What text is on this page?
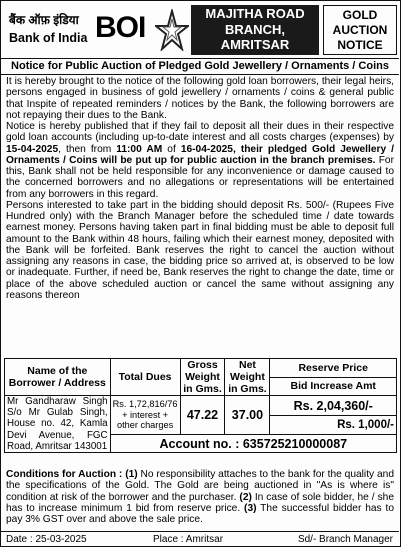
बैंक ऑफ़ इंडिया
Bank of India BOI	MAJITHA ROAD
BRANCH,
AMRITSAR
GOLD
AUCTION
NOTICE
Notice for Public Auction of Pledged Gold Jewellery / Ornaments / Coins

It is hereby brought to the notice of the following gold loan borrowers, their legal heirs, persons engaged in business of gold jewellery / ornaments / coins & general public that Inspite of repeated reminders / notices by the Bank, the following borrowers are not repaying their dues to the Bank.

Notice is hereby published that if they fail to deposit all their dues in their respective gold loan accounts (including up-to-date interest and all costs charges (expenses) by 15-04-2025, then from 11:00 AM of 16-04-2025, their pledged Gold Jewellery / Ornaments / Coins will be put up for public auction in the branch premises. For this, Bank shall not be held responsible for any inconvenience or damage caused to the concerned borrowers and no allegations or representations will be entertained from any borrowers in this regard.

Persons interested to take part in the bidding should deposit Rs. 500/- (Rupees Five Hundred only) with the Branch Manager before the scheduled time / date towards earnest money. Persons having taken part in final bidding must be able to deposit full amount to the Bank within 48 hours, failing which their earnest money, deposited with the Bank will be forfeited. Bank reserves the right to cancel the auction without assigning any reasons in case, the bidding price so arrived at, is observed to be low or inadequate. Further, if need be, Bank reserves the right to change the date, time or place of the above scheduled auction or cancel the same without assigning any reasons thereon

Name of the Borrower / Address	Total Dues	Gross Weight in Gms.	Net Weight in Gms.	Reserve Price
				Bid Increase Amt
Mr Gandharaw Singh S/o Mr Gulab Singh, House no. 42, Kamla Devi Avenue, FGC Road, Amritsar 143001	Rs. 1,72,816/76 + interest + other charges	47.22	37.00	Rs. 2,04,360/-
				Rs. 1,000/-
	Account no. : 635725210000087			
Conditions for Auction : (1) No responsibility attaches to the bank for the quality and the specifications of the Gold. The Gold are being auctioned in "As is where is" condition at risk of the borrower and the purchaser. (2) In case of sole bidder, he / she has to increase minimum 1 bid from reserve price. (3) The successful bidder has to pay 3% GST over and above the sale price.
Date : 25-03-2025	Place : Amritsar	Sd/- Branch Manager
